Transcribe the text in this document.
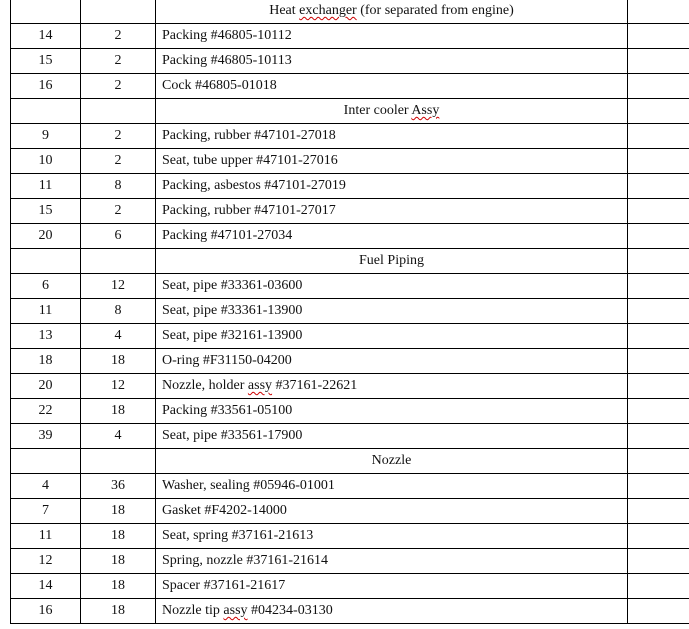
		Heat exchanger (for separated from engine)	
14	2	Packing #46805-10112	
15	2	Packing #46805-10113	
16	2	Cock #46805-01018	
		Inter cooler Assy	
9	2	Packing, rubber #47101-27018	
10	2	Seat, tube upper #47101-27016	
11	8	Packing, asbestos #47101-27019	
15	2	Packing, rubber #47101-27017	
20	6	Packing #47101-27034	
		Fuel Piping	
6	12	Seat, pipe #33361-03600	
11	8	Seat, pipe #33361-13900	
13	4	Seat, pipe #32161-13900	
18	18	O-ring #F31150-04200	
20	12	Nozzle, holder assy #37161-22621	
22	18	Packing #33561-05100	
39	4	Seat, pipe #33561-17900	
		Nozzle	
4	36	Washer, sealing #05946-01001	
7	18	Gasket #F4202-14000	
11	18	Seat, spring #37161-21613	
12	18	Spring, nozzle #37161-21614	
14	18	Spacer #37161-21617	
16	18	Nozzle tip assy #04234-03130	
